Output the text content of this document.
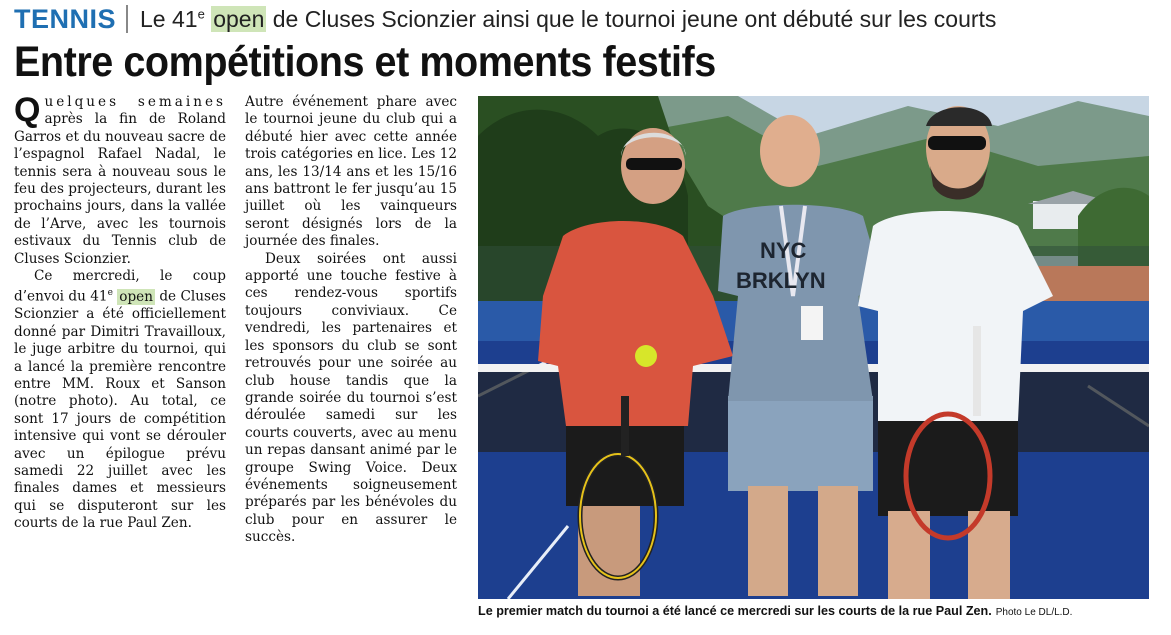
TENNIS Le 41e open de Cluses Scionzier ainsi que le tournoi jeune ont débuté sur les courts
Entre compétitions et moments festifs

Quelques semaines après la fin de Roland Garros et du nouveau sacre de l’espagnol Rafael Nadal, le tennis sera à nouveau sous le feu des projecteurs, durant les prochains jours, dans la vallée de l’Arve, avec les tournois estivaux du Tennis club de Cluses Scionzier.

Ce mercredi, le coup d’envoi du 41e open de Cluses Scionzier a été officiellement donné par Dimitri Travailloux, le juge arbitre du tournoi, qui a lancé la première rencontre entre MM. Roux et Sanson (notre photo). Au total, ce sont 17 jours de compétition intensive qui vont se dérouler avec un épilogue prévu samedi 22 juillet avec les finales dames et messieurs qui se disputeront sur les courts de la rue Paul Zen.

Autre événement phare avec le tournoi jeune du club qui a débuté hier avec cette année trois catégories en lice. Les 12 ans, les 13/14 ans et les 15/16 ans battront le fer jusqu’au 15 juillet où les vainqueurs seront désignés lors de la journée des finales.

Deux soirées ont aussi apporté une touche festive à ces rendez-vous sportifs toujours conviviaux. Ce vendredi, les partenaires et les sponsors du club se sont retrouvés pour une soirée au club house tandis que la grande soirée du tournoi s’est déroulée samedi sur les courts couverts, avec au menu un repas dansant animé par le groupe Swing Voice. Deux événements soigneusement préparés par les bénévoles du club pour en assurer le succès.

NYC
BRKLYN
Le premier match du tournoi a été lancé ce mercredi sur les courts de la rue Paul Zen. Photo Le DL/L.D.
